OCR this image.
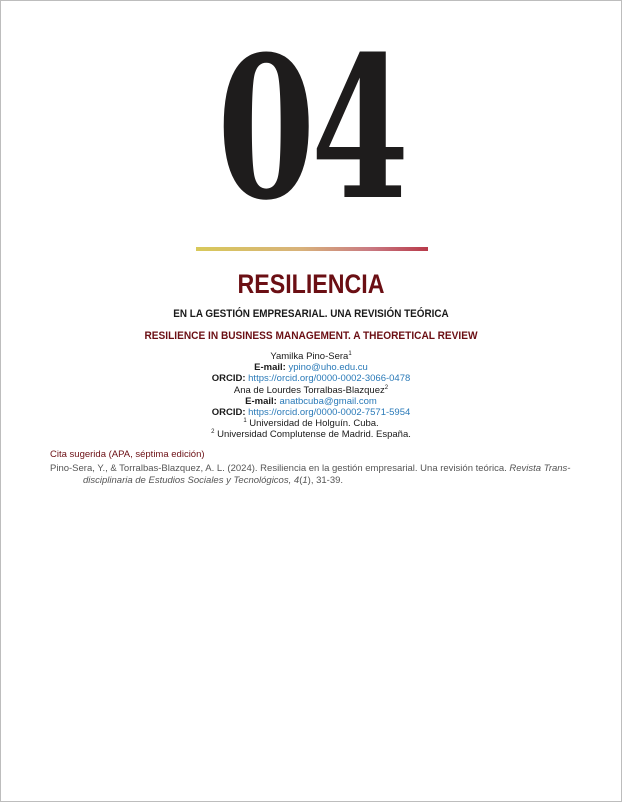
04
RESILIENCIA
EN LA GESTIÓN EMPRESARIAL. UNA REVISIÓN TEÓRICA
RESILIENCE IN BUSINESS MANAGEMENT. A THEORETICAL REVIEW
Yamilka Pino-Sera$^1$
E-mail: ypino@uho.edu.cu
ORCID: https://orcid.org/0000-0002-3066-0478
Ana de Lourdes Torralbas-Blazquez$^2$
E-mail: anatbcuba@gmail.com
ORCID: https://orcid.org/0000-0002-7571-5954
$^1$ Universidad de Holguín. Cuba.
$^2$ Universidad Complutense de Madrid. España.
Cita sugerida (APA, séptima edición)
Pino-Sera, Y., & Torralbas-Blazquez, A. L. (2024). Resiliencia en la gestión empresarial. Una revisión teórica. Revista Trans-
disciplinaria de Estudios Sociales y Tecnológicos, 4(1), 31-39.
